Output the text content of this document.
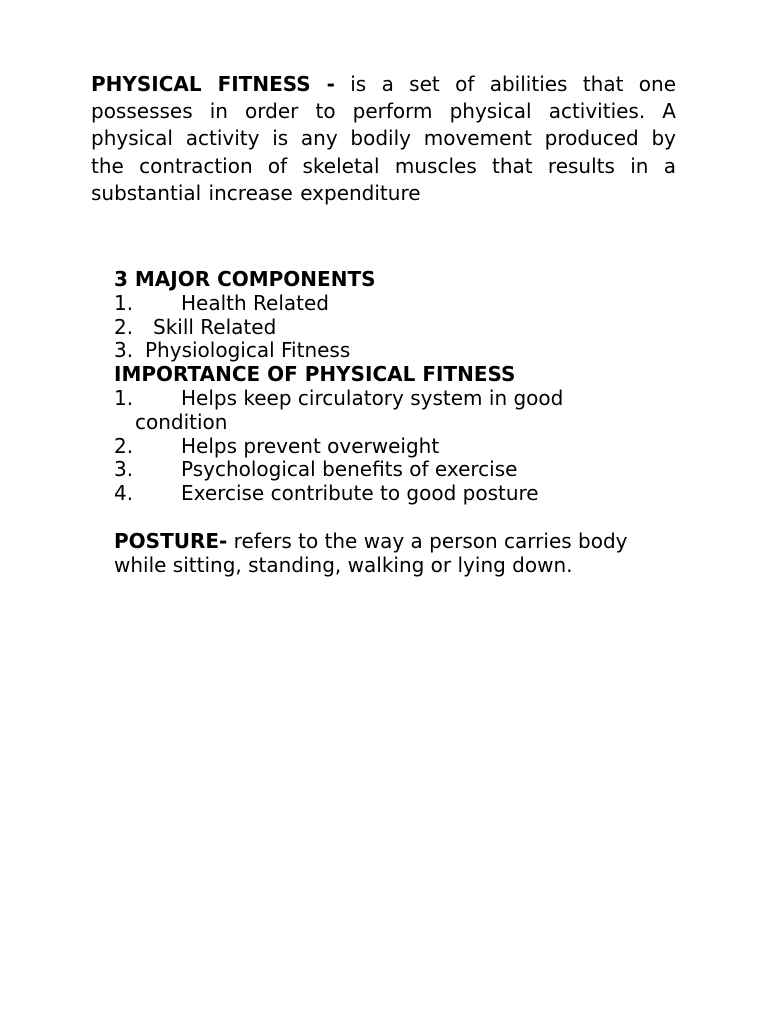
PHYSICAL FITNESS - is a set of abilities that one possesses in order to perform physical activities. A physical activity is any bodily movement produced by the contraction of skeletal muscles that results in a substantial increase expenditure

3 MAJOR COMPONENTS
1.	Health Related
2. Skill Related
3. Physiological Fitness
IMPORTANCE OF PHYSICAL FITNESS
1.	Helps keep circulatory system in good
condition
2.	Helps prevent overweight
3.	Psychological benefits of exercise
4.	Exercise contribute to good posture

POSTURE- refers to the way a person carries body while sitting, standing, walking or lying down.
